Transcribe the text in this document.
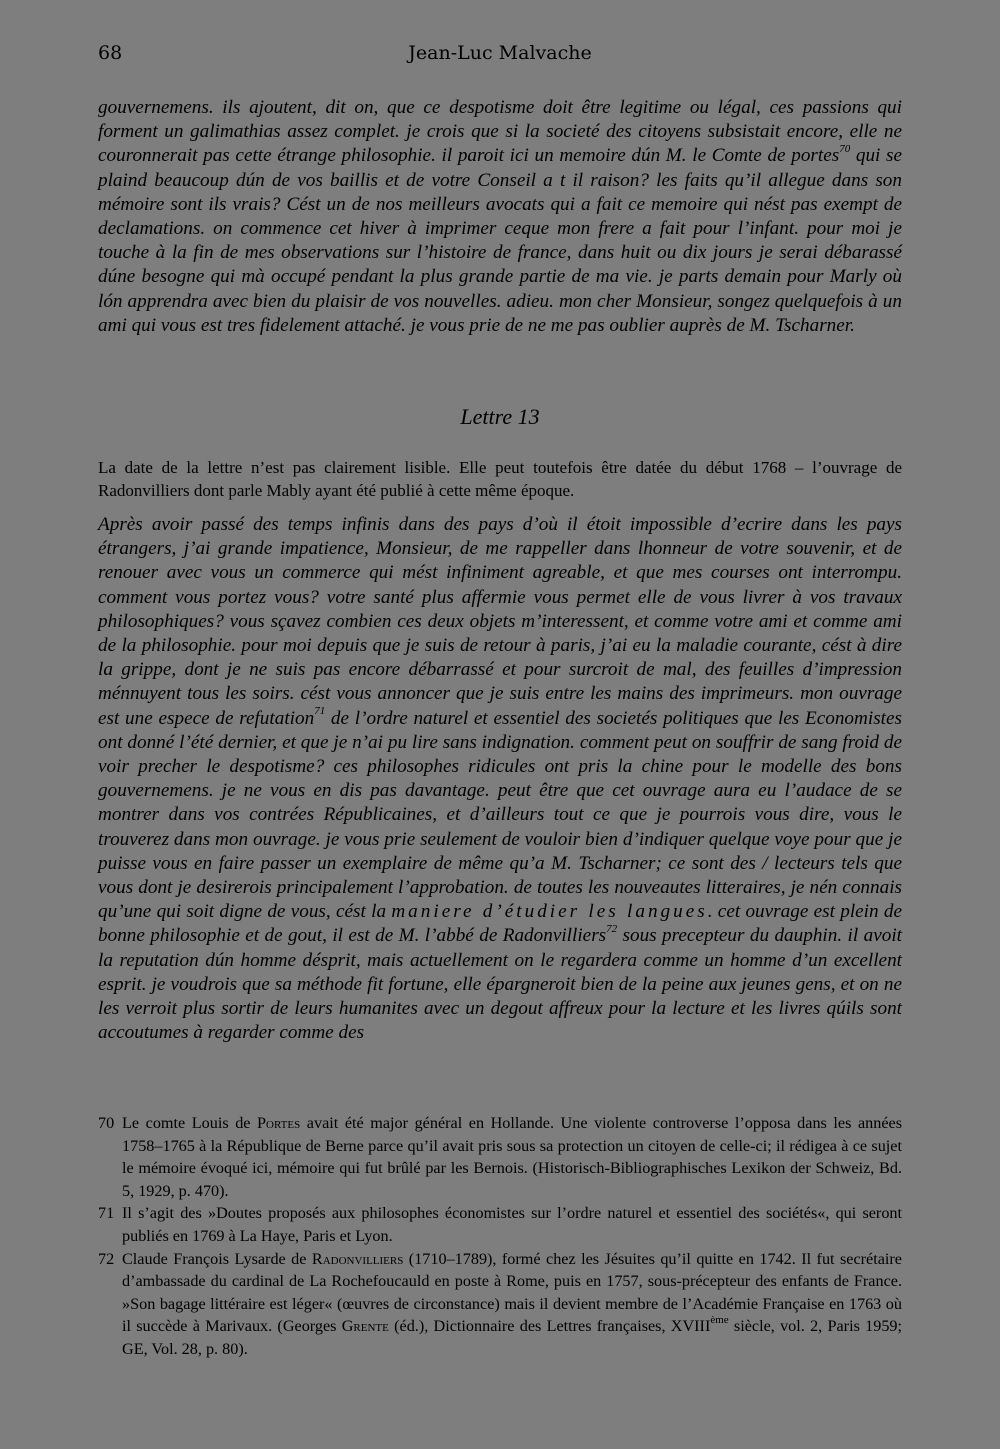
68	Jean-Luc Malvache
gouvernemens. ils ajoutent, dit on, que ce despotisme doit être legitime ou légal, ces passions qui forment un galimathias assez complet. je crois que si la societé des citoyens subsistait encore, elle ne couronnerait pas cette étrange philosophie. il paroit ici un memoire dún M. le Comte de portes$^{70}$ qui se plaind beaucoup dún de vos baillis et de votre Conseil a t il raison? les faits qu’il allegue dans son mémoire sont ils vrais? Cést un de nos meilleurs avocats qui a fait ce memoire qui nést pas exempt de declamations. on commence cet hiver à imprimer ceque mon frere a fait pour l’infant. pour moi je touche à la fin de mes observations sur l’histoire de france, dans huit ou dix jours je serai débarassé dúne besogne qui mà occupé pendant la plus grande partie de ma vie. je parts demain pour Marly où lón apprendra avec bien du plaisir de vos nouvelles. adieu. mon cher Monsieur, songez quelquefois à un ami qui vous est tres fidelement attaché. je vous prie de ne me pas oublier auprès de M. Tscharner.
Lettre 13
La date de la lettre n’est pas clairement lisible. Elle peut toutefois être datée du début 1768 – l’ouvrage de Radonvilliers dont parle Mably ayant été publié à cette même époque.
Après avoir passé des temps infinis dans des pays d’où il étoit impossible d’ecrire dans les pays étrangers, j’ai grande impatience, Monsieur, de me rappeller dans lhonneur de votre souvenir, et de renouer avec vous un commerce qui mést infiniment agreable, et que mes courses ont interrompu. comment vous portez vous? votre santé plus affermie vous permet elle de vous livrer à vos travaux philosophiques? vous sçavez combien ces deux objets m’interessent, et comme votre ami et comme ami de la philosophie. pour moi depuis que je suis de retour à paris, j’ai eu la maladie courante, cést à dire la grippe, dont je ne suis pas encore débarrassé et pour surcroit de mal, des feuilles d’impression ménnuyent tous les soirs. cést vous annoncer que je suis entre les mains des imprimeurs. mon ouvrage est une espece de refutation$^{71}$ de l’ordre naturel et essentiel des societés politiques que les Economistes ont donné l’été dernier, et que je n’ai pu lire sans indignation. comment peut on souffrir de sang froid de voir precher le despotisme? ces philosophes ridicules ont pris la chine pour le modelle des bons gouvernemens. je ne vous en dis pas davantage. peut être que cet ouvrage aura eu l’audace de se montrer dans vos contrées Républicaines, et d’ailleurs tout ce que je pourrois vous dire, vous le trouverez dans mon ouvrage. je vous prie seulement de vouloir bien d’indiquer quelque voye pour que je puisse vous en faire passer un exemplaire de même qu’a M. Tscharner; ce sont des / lecteurs tels que vous dont je desirerois principalement l’approbation. de toutes les nouveautes litteraires, je nén connais qu’une qui soit digne de vous, cést la maniere d’étudier les langues. cet ouvrage est plein de bonne philosophie et de gout, il est de M. l’abbé de Radonvilliers$^{72}$ sous precepteur du dauphin. il avoit la reputation dún homme désprit, mais actuellement on le regardera comme un homme d’un excellent esprit. je voudrois que sa méthode fit fortune, elle épargneroit bien de la peine aux jeunes gens, et on ne les verroit plus sortir de leurs humanites avec un degout affreux pour la lecture et les livres qúils sont accoutumes à regarder comme des
70 Le comte Louis de Portes avait été major général en Hollande. Une violente controverse l’opposa dans les années 1758–1765 à la République de Berne parce qu’il avait pris sous sa protection un citoyen de celle-ci; il rédigea à ce sujet le mémoire évoqué ici, mémoire qui fut brûlé par les Bernois. (Historisch-Bibliographisches Lexikon der Schweiz, Bd. 5, 1929, p. 470).
71 Il s’agit des »Doutes proposés aux philosophes économistes sur l’ordre naturel et essentiel des sociétés«, qui seront publiés en 1769 à La Haye, Paris et Lyon.
72 Claude François Lysarde de Radonvilliers (1710–1789), formé chez les Jésuites qu’il quitte en 1742. Il fut secrétaire d’ambassade du cardinal de La Rochefoucauld en poste à Rome, puis en 1757, sous-précepteur des enfants de France. »Son bagage littéraire est léger« (œuvres de circonstance) mais il devient membre de l’Académie Française en 1763 où il succède à Marivaux. (Georges Grente (éd.), Dictionnaire des Lettres françaises, XVIIIème siècle, vol. 2, Paris 1959; GE, Vol. 28, p. 80).
